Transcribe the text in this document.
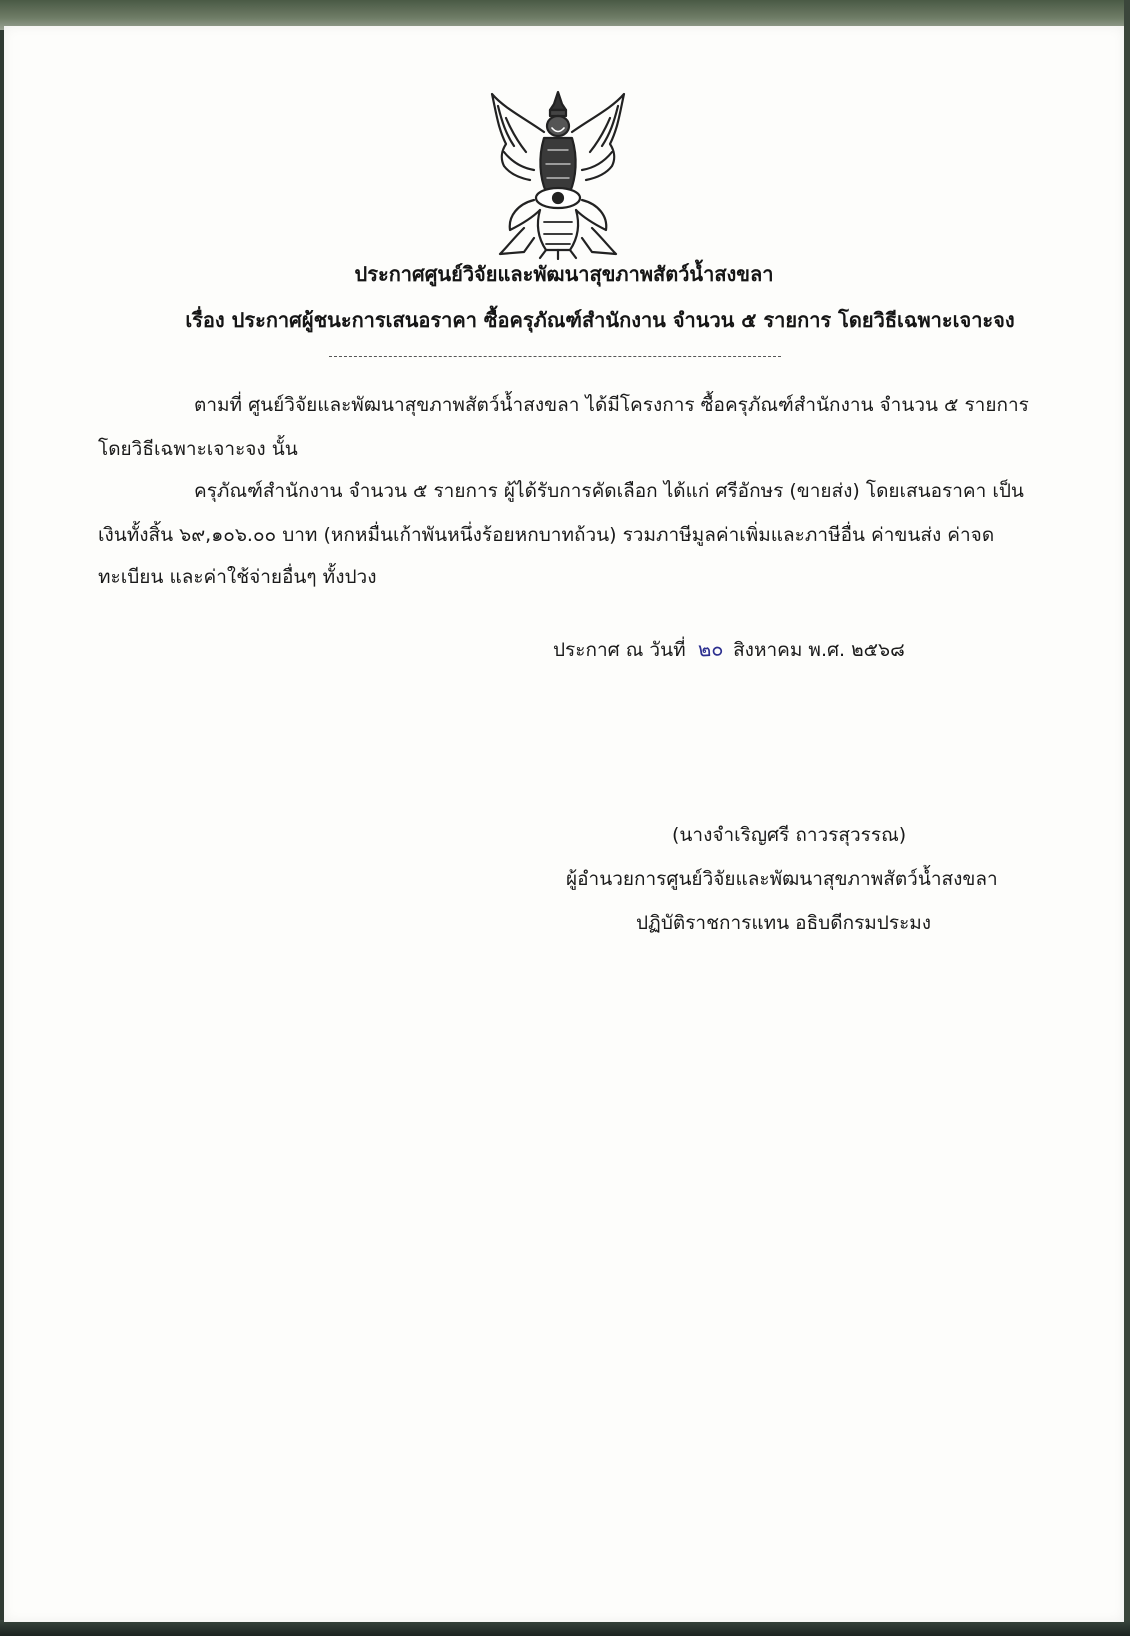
ประกาศศูนย์วิจัยและพัฒนาสุขภาพสัตว์น้ำสงขลา
เรื่อง ประกาศผู้ชนะการเสนอราคา ซื้อครุภัณฑ์สำนักงาน จำนวน ๕ รายการ โดยวิธีเฉพาะเจาะจง
ตามที่ ศูนย์วิจัยและพัฒนาสุขภาพสัตว์น้ำสงขลา ได้มีโครงการ ซื้อครุภัณฑ์สำนักงาน จำนวน ๕ รายการ
โดยวิธีเฉพาะเจาะจง นั้น
ครุภัณฑ์สำนักงาน จำนวน ๕ รายการ ผู้ได้รับการคัดเลือก ได้แก่ ศรีอักษร (ขายส่ง) โดยเสนอราคา เป็น
เงินทั้งสิ้น ๖๙,๑๐๖.๐๐ บาท (หกหมื่นเก้าพันหนึ่งร้อยหกบาทถ้วน) รวมภาษีมูลค่าเพิ่มและภาษีอื่น ค่าขนส่ง ค่าจด
ทะเบียน และค่าใช้จ่ายอื่นๆ ทั้งปวง
ประกาศ ณ วันที่ ๒๐ สิงหาคม พ.ศ. ๒๕๖๘
(นางจำเริญศรี ถาวรสุวรรณ)
ผู้อำนวยการศูนย์วิจัยและพัฒนาสุขภาพสัตว์น้ำสงขลา
ปฏิบัติราชการแทน อธิบดีกรมประมง
